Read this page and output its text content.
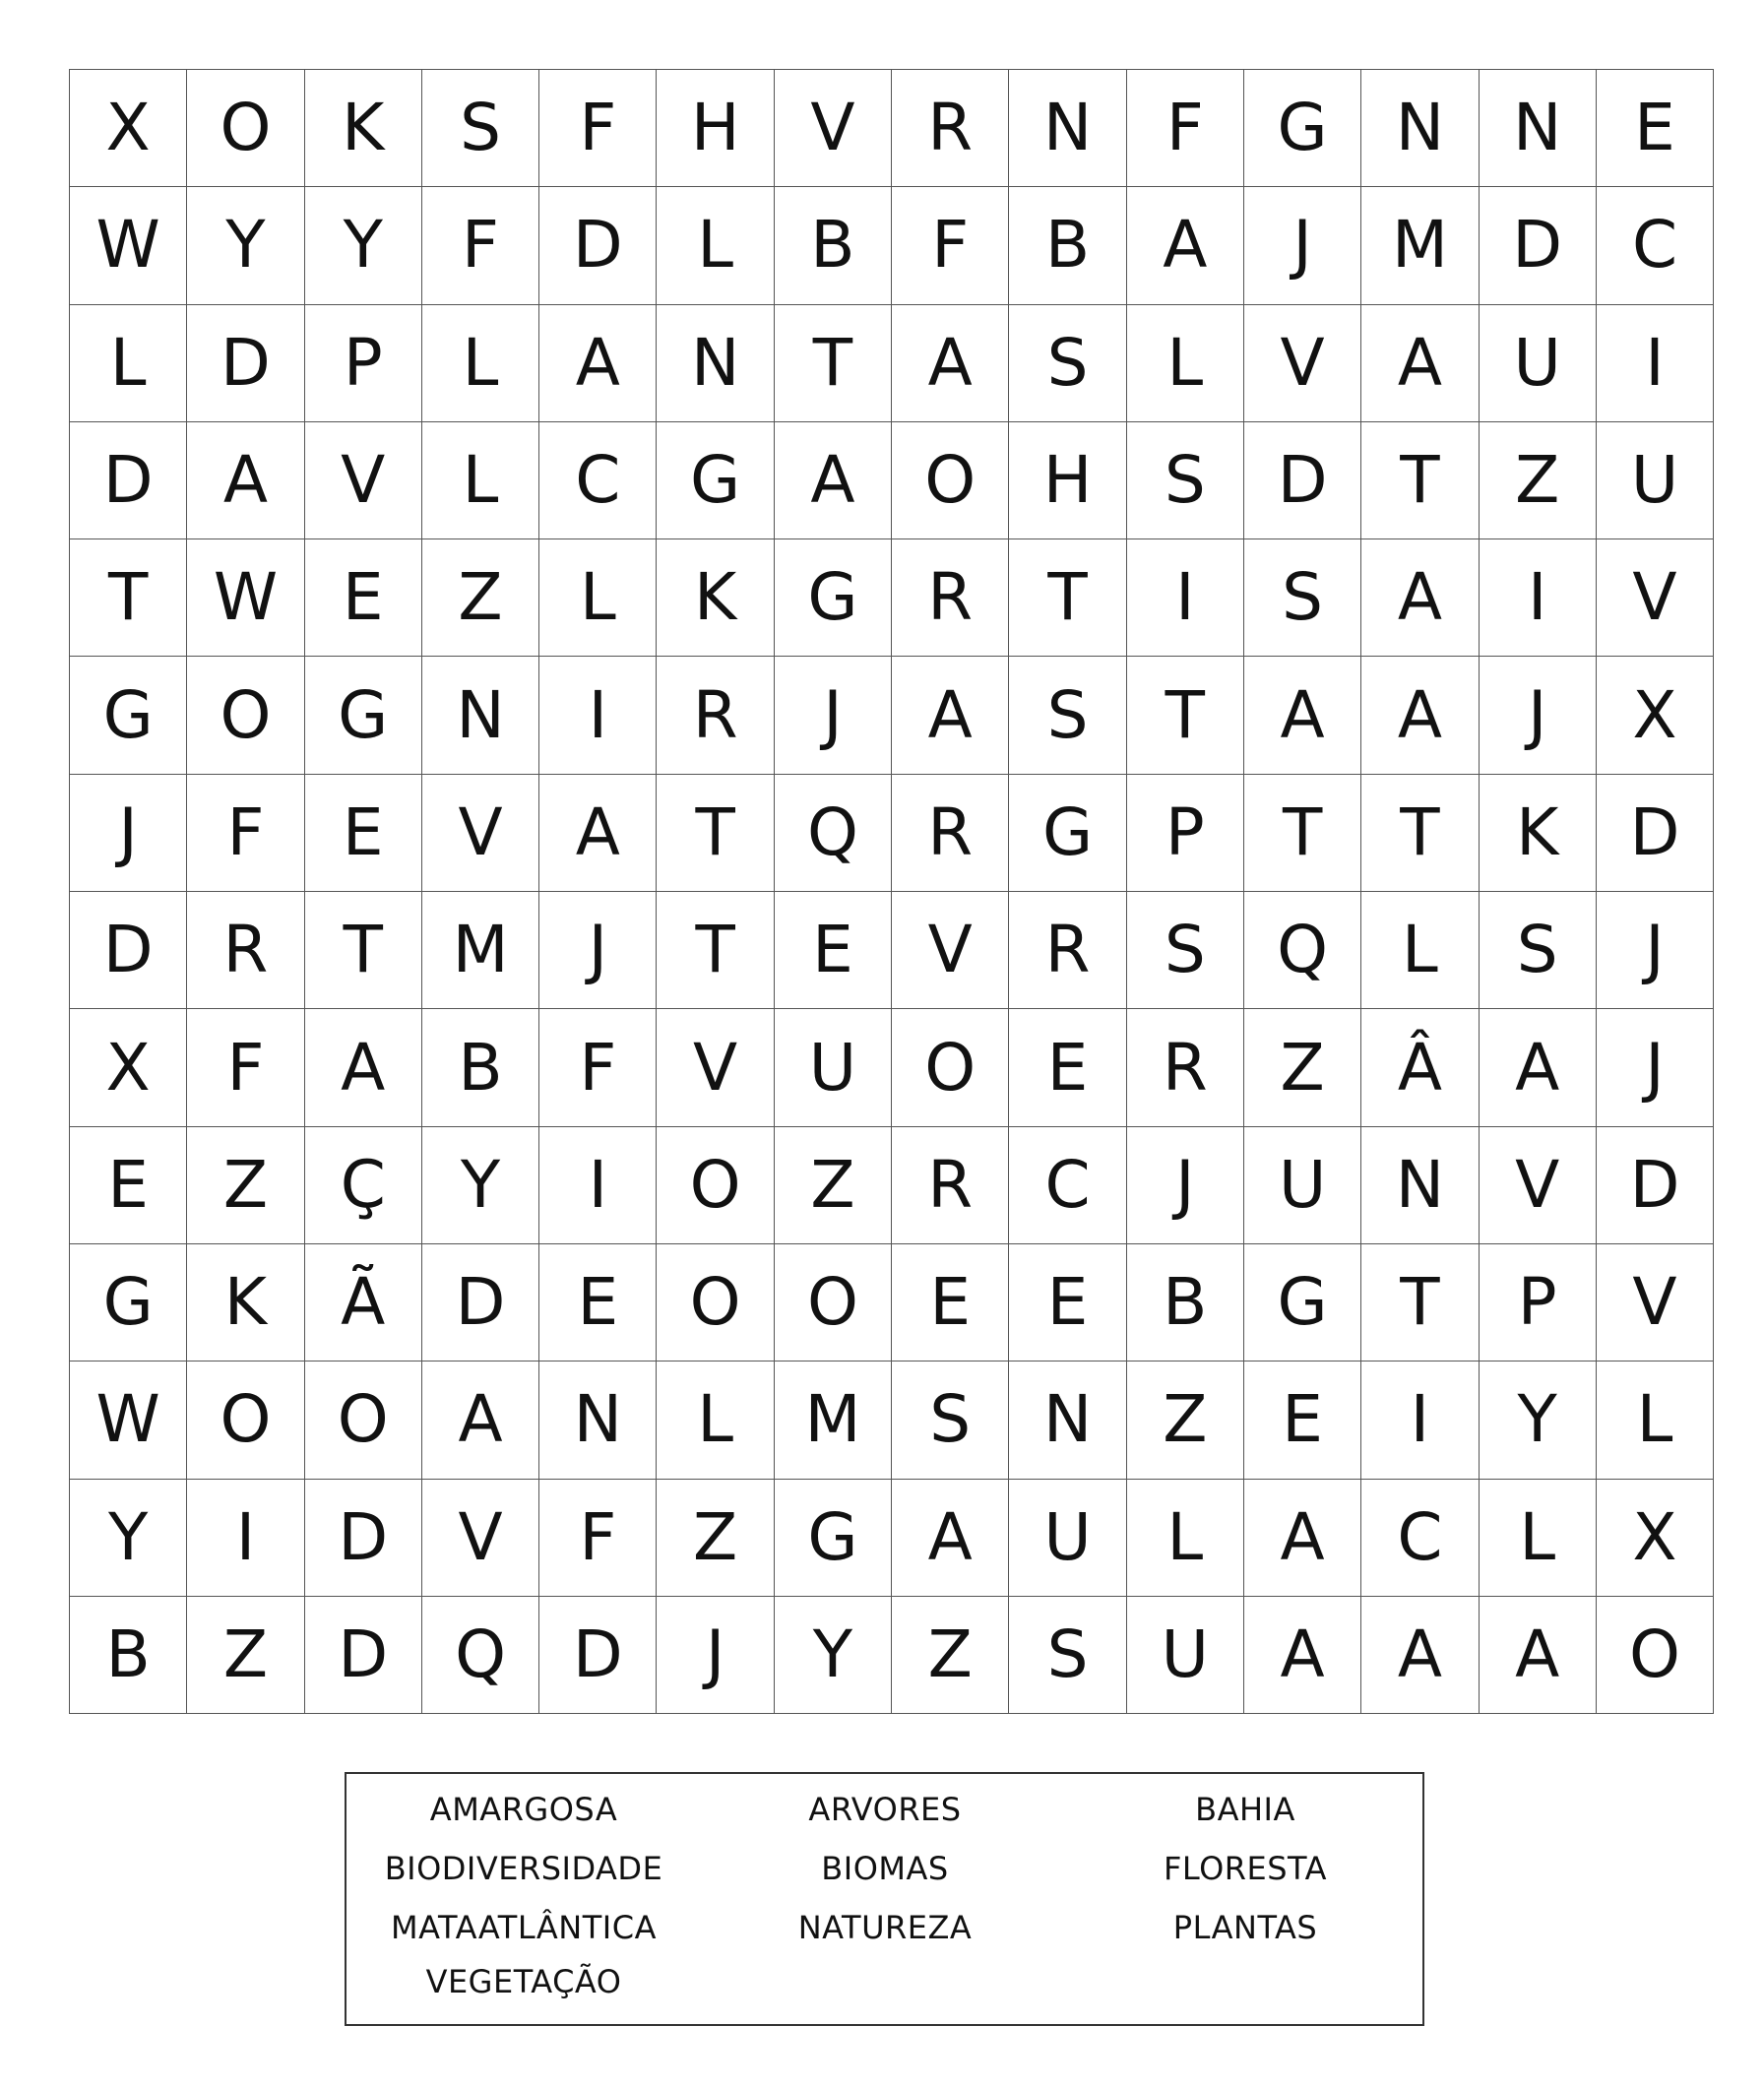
X	O	K	S	F	H	V	R	N	F	G	N	N	E
W	Y	Y	F	D	L	B	F	B	A	J	M	D	C
L	D	P	L	A	N	T	A	S	L	V	A	U	I
D	A	V	L	C	G	A	O	H	S	D	T	Z	U
T	W	E	Z	L	K	G	R	T	I	S	A	I	V
G	O	G	N	I	R	J	A	S	T	A	A	J	X
J	F	E	V	A	T	Q	R	G	P	T	T	K	D
D	R	T	M	J	T	E	V	R	S	Q	L	S	J
X	F	A	B	F	V	U	O	E	R	Z	Â	A	J
E	Z	Ç	Y	I	O	Z	R	C	J	U	N	V	D
G	K	Ã	D	E	O	O	E	E	B	G	T	P	V
W	O	O	A	N	L	M	S	N	Z	E	I	Y	L
Y	I	D	V	F	Z	G	A	U	L	A	C	L	X
B	Z	D	Q	D	J	Y	Z	S	U	A	A	A	O
AMARGOSA	ARVORES	BAHIA
BIODIVERSIDADE	BIOMAS	FLORESTA
MATAATLÂNTICA	NATUREZA	PLANTAS
VEGETAÇÃO
